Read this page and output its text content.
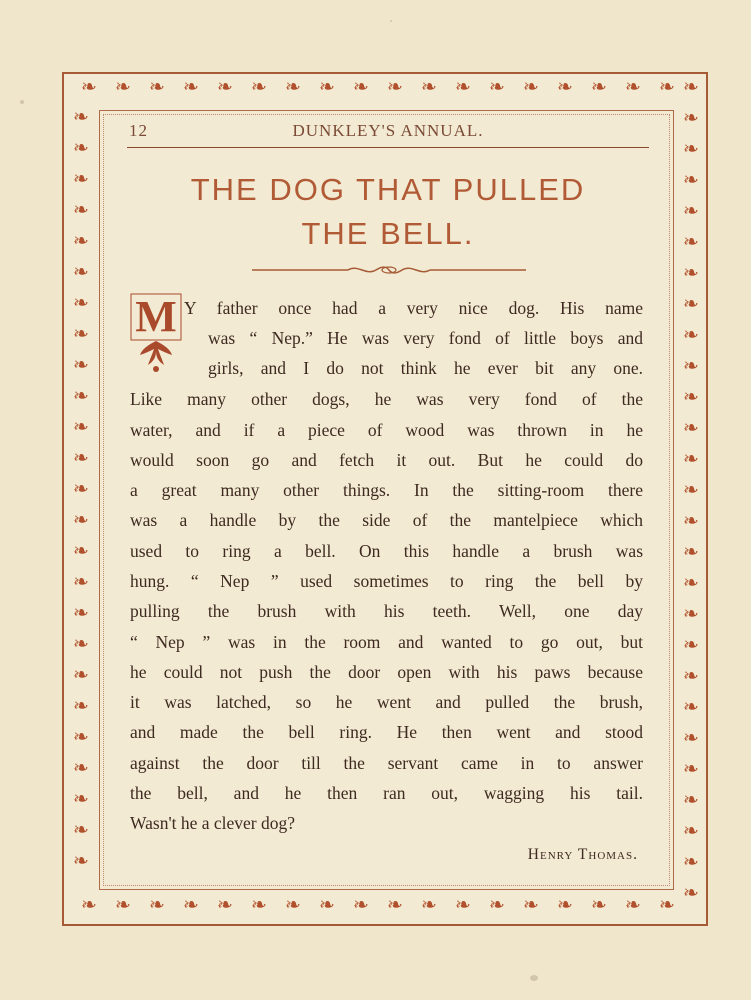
❧ ❧ ❧ ❧ ❧ ❧ ❧ ❧ ❧ ❧ ❧ ❧ ❧ ❧ ❧ ❧ ❧ ❧
❧ ❧ ❧ ❧ ❧ ❧ ❧ ❧ ❧ ❧ ❧ ❧ ❧ ❧ ❧ ❧ ❧ ❧
❧
❧
❧
❧
❧
❧
❧
❧
❧
❧
❧
❧
❧
❧
❧
❧
❧
❧
❧
❧
❧
❧
❧
❧
❧
❧
❧
❧
❧
❧
❧
❧
❧
❧
❧
❧
❧
❧
❧
❧
❧
❧
❧
❧
❧
❧
❧
❧
❧
❧
❧
❧
12	DUNKLEY'S ANNUAL.
THE DOG THAT PULLED
THE BELL.
M Y father once had a very nice dog. His name
was “ Nep.” He was very fond of little boys and
girls, and I do not think he ever bit any one.
Like many other dogs, he was very fond of the
water, and if a piece of wood was thrown in he
would soon go and fetch it out. But he could do
a great many other things. In the sitting-room there
was a handle by the side of the mantelpiece which
used to ring a bell. On this handle a brush was
hung. “ Nep ” used sometimes to ring the bell by
pulling the brush with his teeth. Well, one day
“ Nep ” was in the room and wanted to go out, but
he could not push the door open with his paws because
it was latched, so he went and pulled the brush,
and made the bell ring. He then went and stood
against the door till the servant came in to answer
the bell, and he then ran out, wagging his tail.
Wasn't he a clever dog?
Henry Thomas.
